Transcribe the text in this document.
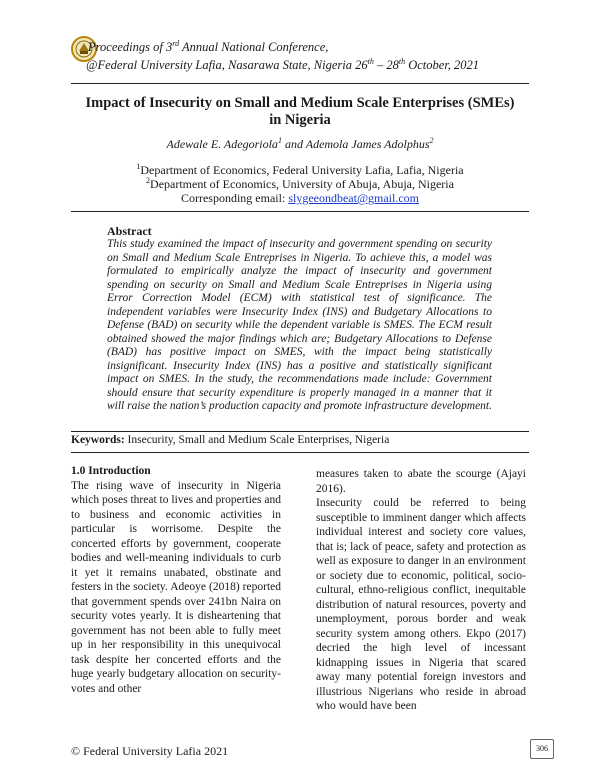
Proceedings of 3rd Annual National Conference,
@Federal University Lafia, Nasarawa State, Nigeria 26th – 28th October, 2021
Impact of Insecurity on Small and Medium Scale Enterprises (SMEs) in Nigeria
Adewale E. Adegoriola$^1$ and Ademola James Adolphus$^2$
$^1$Department of Economics, Federal University Lafia, Lafia, Nigeria
$^2$Department of Economics, University of Abuja, Abuja, Nigeria
Corresponding email: slygeeondbeat@gmail.com
Abstract
This study examined the impact of insecurity and government spending on security on Small and Medium Scale Entreprises in Nigeria. To achieve this, a model was formulated to empirically analyze the impact of insecurity and government spending on security on Small and Medium Scale Entreprises in Nigeria using Error Correction Model (ECM) with statistical test of significance. The independent variables were Insecurity Index (INS) and Budgetary Allocations to Defense (BAD) on security while the dependent variable is SMES. The ECM result obtained showed the major findings which are; Budgetary Allocations to Defense (BAD) has positive impact on SMES, with the impact being statistically insignificant. Insecurity Index (INS) has a positive and statistically significant impact on SMES. In the study, the recommendations made include: Government should ensure that security expenditure is properly managed in a manner that it will raise the nation’s production capacity and promote infrastructure development.
Keywords: Insecurity, Small and Medium Scale Enterprises, Nigeria

1.0 Introduction

The rising wave of insecurity in Nigeria which poses threat to lives and properties and to business and economic activities in particular is worrisome. Despite the concerted efforts by government, cooperate bodies and well-meaning individuals to curb it yet it remains unabated, obstinate and festers in the society. Adeoye (2018) reported that government spends over 241bn Naira on security votes yearly. It is disheartening that government has not been able to fully meet up in her responsibility in this unequivocal task despite her concerted efforts and the huge yearly budgetary allocation on security-votes and other

measures taken to abate the scourge (Ajayi 2016).

Insecurity could be referred to being susceptible to imminent danger which affects individual interest and society core values, that is; lack of peace, safety and protection as well as exposure to danger in an environment or society due to economic, political, socio-cultural, ethno-religious conflict, inequitable distribution of natural resources, poverty and unemployment, porous border and weak security system among others. Ekpo (2017) decried the high level of incessant kidnapping issues in Nigeria that scared away many potential foreign investors and illustrious Nigerians who reside in abroad who would have been

© Federal University Lafia 2021	306
